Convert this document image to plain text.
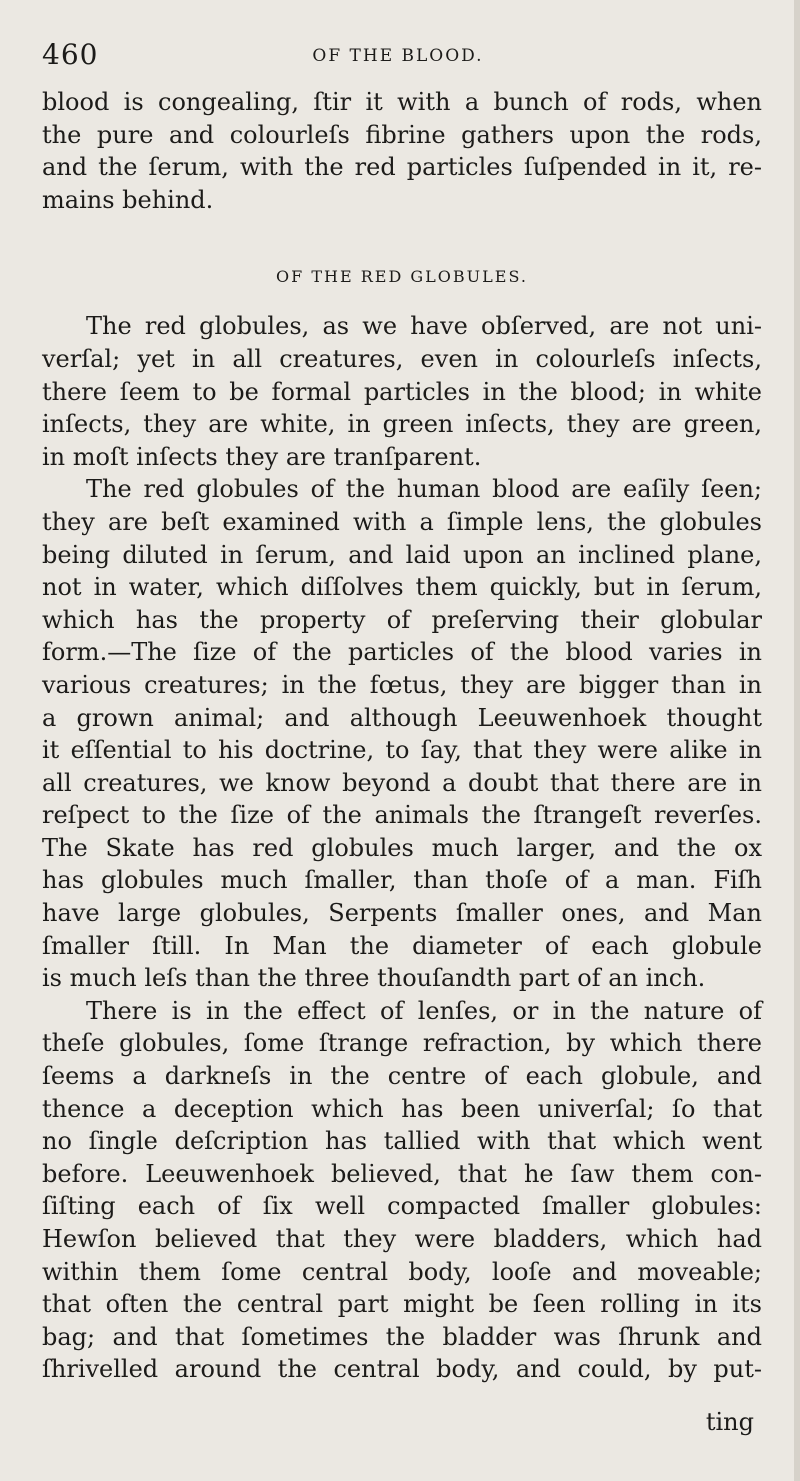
460	OF THE BLOOD.
blood is congealing, ſtir it with a bunch of rods, when
the pure and colourleſs fibrine gathers upon the rods,
and the ſerum, with the red particles ſuſpended in it, re-
mains behind.
OF THE RED GLOBULES.
The red globules, as we have obſerved, are not uni-
verſal; yet in all creatures, even in colourleſs inſects,
there ſeem to be formal particles in the blood; in white
inſects, they are white, in green inſects, they are green,
in moſt inſects they are tranſparent.
The red globules of the human blood are eaſily ſeen;
they are beſt examined with a ſimple lens, the globules
being diluted in ſerum, and laid upon an inclined plane,
not in water, which diſſolves them quickly, but in ſerum,
which has the property of preſerving their globular
form.—The ſize of the particles of the blood varies in
various creatures; in the fœtus, they are bigger than in
a grown animal; and although Leeuwenhoek thought
it eſſential to his doctrine, to ſay, that they were alike in
all creatures, we know beyond a doubt that there are in
reſpect to the ſize of the animals the ſtrangeſt reverſes.
The Skate has red globules much larger, and the ox
has globules much ſmaller, than thoſe of a man. Fiſh
have large globules, Serpents ſmaller ones, and Man
ſmaller ſtill. In Man the diameter of each globule
is much leſs than the three thouſandth part of an inch.
There is in the effect of lenſes, or in the nature of
theſe globules, ſome ſtrange refraction, by which there
ſeems a darkneſs in the centre of each globule, and
thence a deception which has been univerſal; ſo that
no ſingle deſcription has tallied with that which went
before. Leeuwenhoek believed, that he ſaw them con-
ſiſting each of ſix well compacted ſmaller globules:
Hewſon believed that they were bladders, which had
within them ſome central body, looſe and moveable;
that often the central part might be ſeen rolling in its
bag; and that ſometimes the bladder was ſhrunk and
ſhrivelled around the central body, and could, by put-
ting
